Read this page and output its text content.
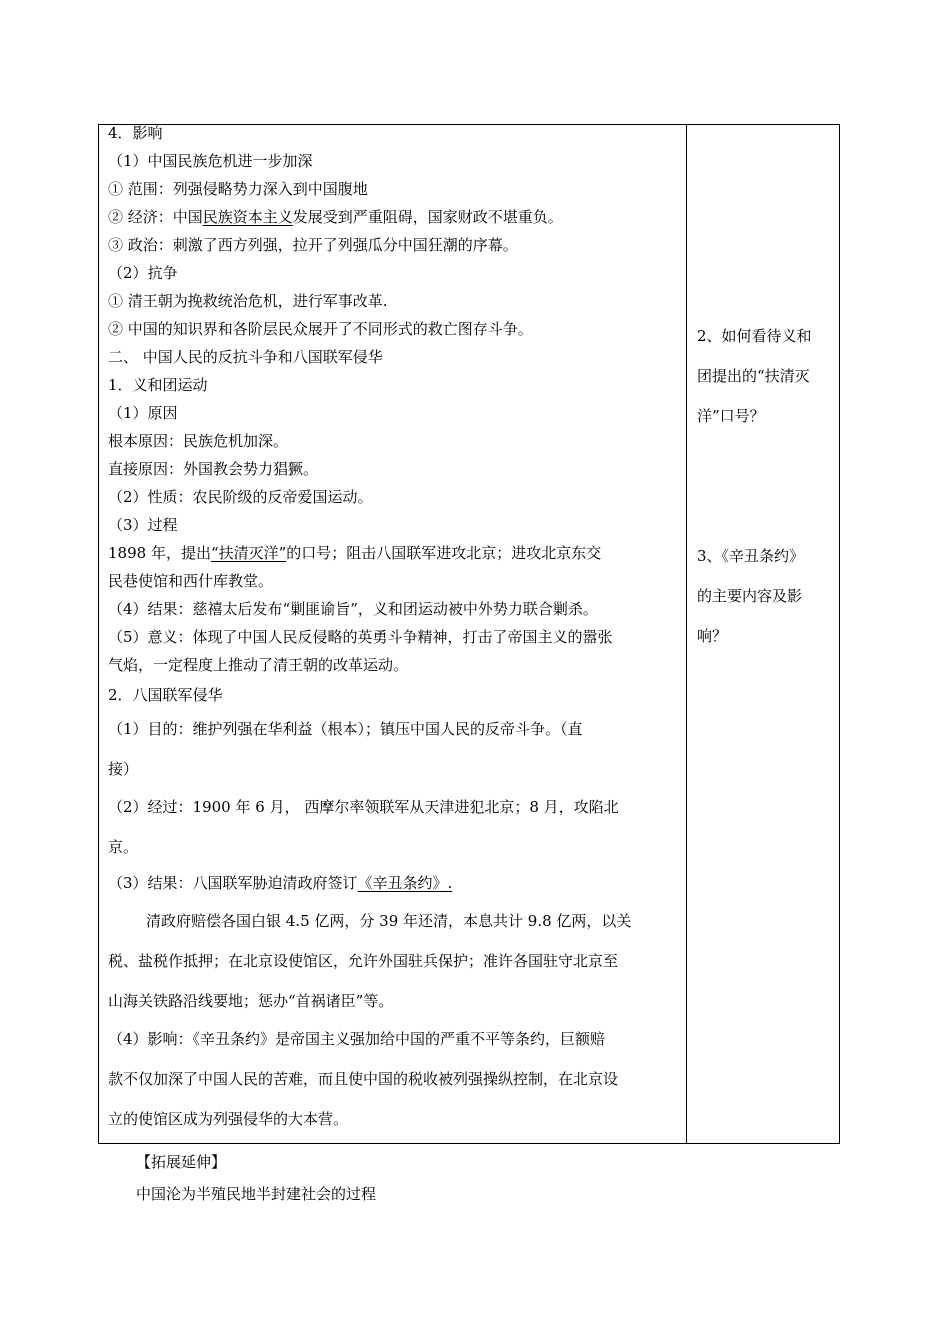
4．影响
（1）中国民族危机进一步加深
① 范围：列强侵略势力深入到中国腹地
② 经济：中国民族资本主义发展受到严重阻碍，国家财政不堪重负。
③ 政治：刺激了西方列强，拉开了列强瓜分中国狂潮的序幕。
（2）抗争
① 清王朝为挽救统治危机，进行军事改革.
② 中国的知识界和各阶层民众展开了不同形式的救亡图存斗争。
二、 中国人民的反抗斗争和八国联军侵华
1．义和团运动
（1）原因
根本原因：民族危机加深。
直接原因：外国教会势力猖獗。
（2）性质：农民阶级的反帝爱国运动。
（3）过程
1898 年，提出“扶清灭洋”的口号；阻击八国联军进攻北京；进攻北京东交
民巷使馆和西什库教堂。
（4）结果：慈禧太后发布“剿匪谕旨”，义和团运动被中外势力联合剿杀。
（5）意义：体现了中国人民反侵略的英勇斗争精神，打击了帝国主义的嚣张
气焰，一定程度上推动了清王朝的改革运动。
2．八国联军侵华
（1）目的：维护列强在华利益（根本）；镇压中国人民的反帝斗争。（直
接）
（2）经过：1900 年 6 月， 西摩尔率领联军从天津进犯北京；8 月，攻陷北
京。
（3）结果：八国联军胁迫清政府签订《辛丑条约》.
清政府赔偿各国白银 4.5 亿两，分 39 年还清，本息共计 9.8 亿两，以关
税、盐税作抵押；在北京设使馆区，允许外国驻兵保护；准许各国驻守北京至
山海关铁路沿线要地；惩办“首祸诸臣”等。
（4）影响：《辛丑条约》是帝国主义强加给中国的严重不平等条约，巨额赔
款不仅加深了中国人民的苦难，而且使中国的税收被列强操纵控制，在北京设
立的使馆区成为列强侵华的大本营。

2、如何看待义和

团提出的“扶清灭

洋”口号？

3、《辛丑条约》

的主要内容及影

响？

【拓展延伸】
中国沦为半殖民地半封建社会的过程
